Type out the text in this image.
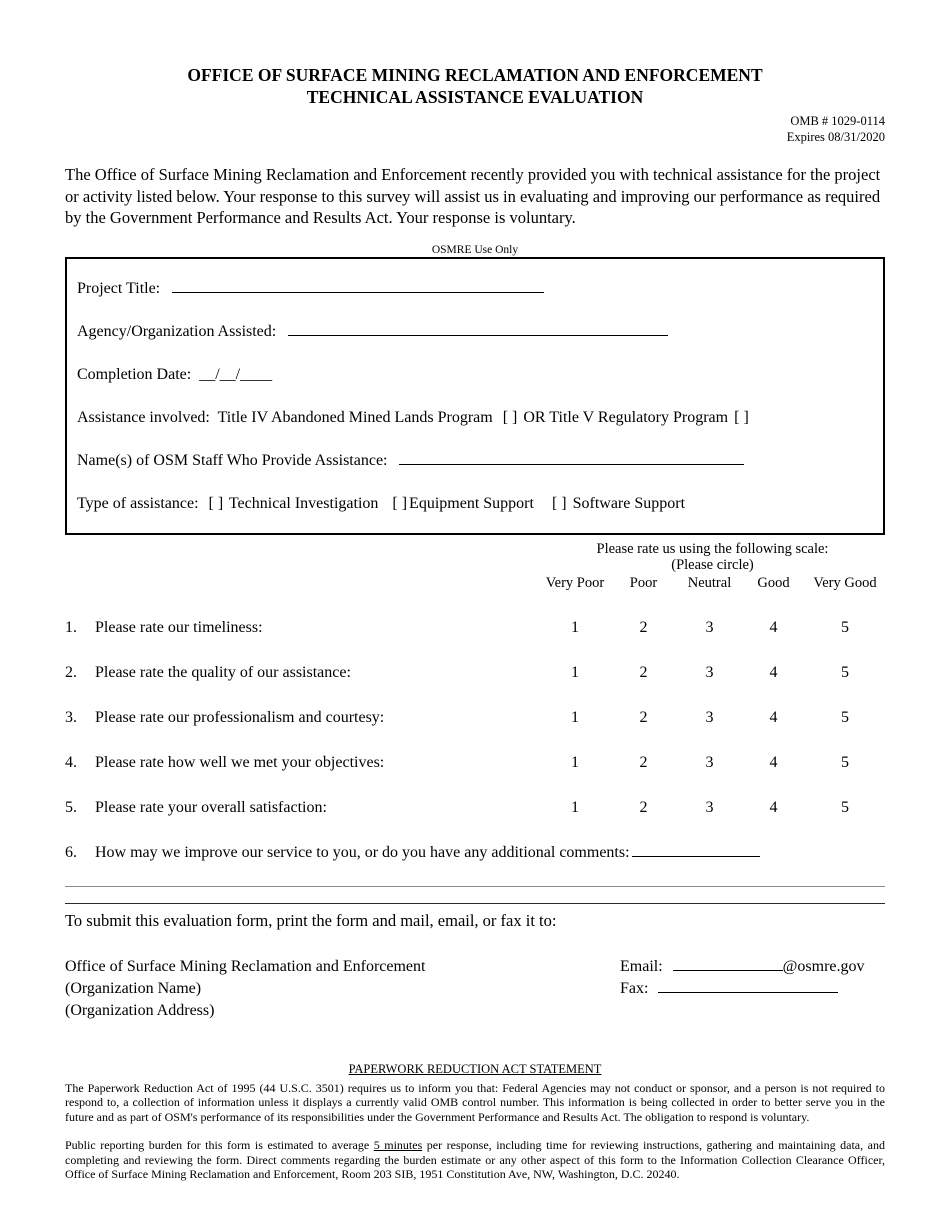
OFFICE OF SURFACE MINING RECLAMATION AND ENFORCEMENT
TECHNICAL ASSISTANCE EVALUATION
OMB # 1029-0114
Expires 08/31/2020

The Office of Surface Mining Reclamation and Enforcement recently provided you with technical assistance for the project or activity listed below. Your response to this survey will assist us in evaluating and improving our performance as required by the Government Performance and Results Act. Your response is voluntary.

OSMRE Use Only
Project Title:
Agency/Organization Assisted:
Completion Date: __/__/____
Assistance involved: Title IV Abandoned Mined Lands Program [ ] OR Title V Regulatory Program [ ]
Name(s) of OSM Staff Who Provide Assistance:
Type of assistance: [ ] Technical Investigation [ ] Equipment Support [ ] Software Support
Please rate us using the following scale:
(Please circle)
Very Poor	Poor	Neutral	Good	Very Good
1. Please rate our timeliness:	1	2	3	4	5
2. Please rate the quality of our assistance:	1	2	3	4	5
3. Please rate our professionalism and courtesy:	1	2	3	4	5
4. Please rate how well we met your objectives:	1	2	3	4	5
5. Please rate your overall satisfaction:	1	2	3	4	5
6. How may we improve our service to you, or do you have any additional comments:
To submit this evaluation form, print the form and mail, email, or fax it to:
Office of Surface Mining Reclamation and Enforcement
(Organization Name)
(Organization Address)
Email:	@osmre.gov
Fax:
PAPERWORK REDUCTION ACT STATEMENT

The Paperwork Reduction Act of 1995 (44 U.S.C. 3501) requires us to inform you that: Federal Agencies may not conduct or sponsor, and a person is not required to respond to, a collection of information unless it displays a currently valid OMB control number. This information is being collected in order to better serve you in the future and as part of OSM's performance of its responsibilities under the Government Performance and Results Act. The obligation to respond is voluntary.

Public reporting burden for this form is estimated to average 5 minutes per response, including time for reviewing instructions, gathering and maintaining data, and completing and reviewing the form. Direct comments regarding the burden estimate or any other aspect of this form to the Information Collection Clearance Officer, Office of Surface Mining Reclamation and Enforcement, Room 203 SIB, 1951 Constitution Ave, NW, Washington, D.C. 20240.
